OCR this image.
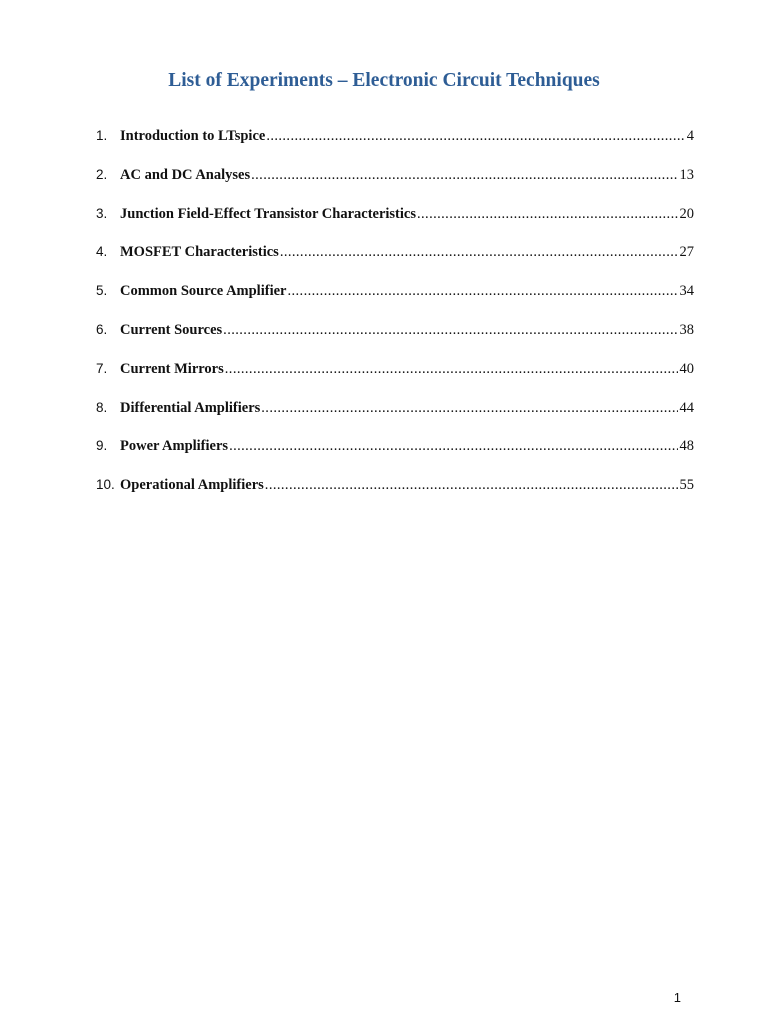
List of Experiments – Electronic Circuit Techniques
1. Introduction to LTspice .....	4
2. AC and DC Analyses .....	13
3. Junction Field-Effect Transistor Characteristics .....	20
4. MOSFET Characteristics .....	27
5. Common Source Amplifier .....	34
6. Current Sources .....	38
7. Current Mirrors .....	40
8. Differential Amplifiers .....	44
9. Power Amplifiers .....	48
10. Operational Amplifiers .....	55
1
